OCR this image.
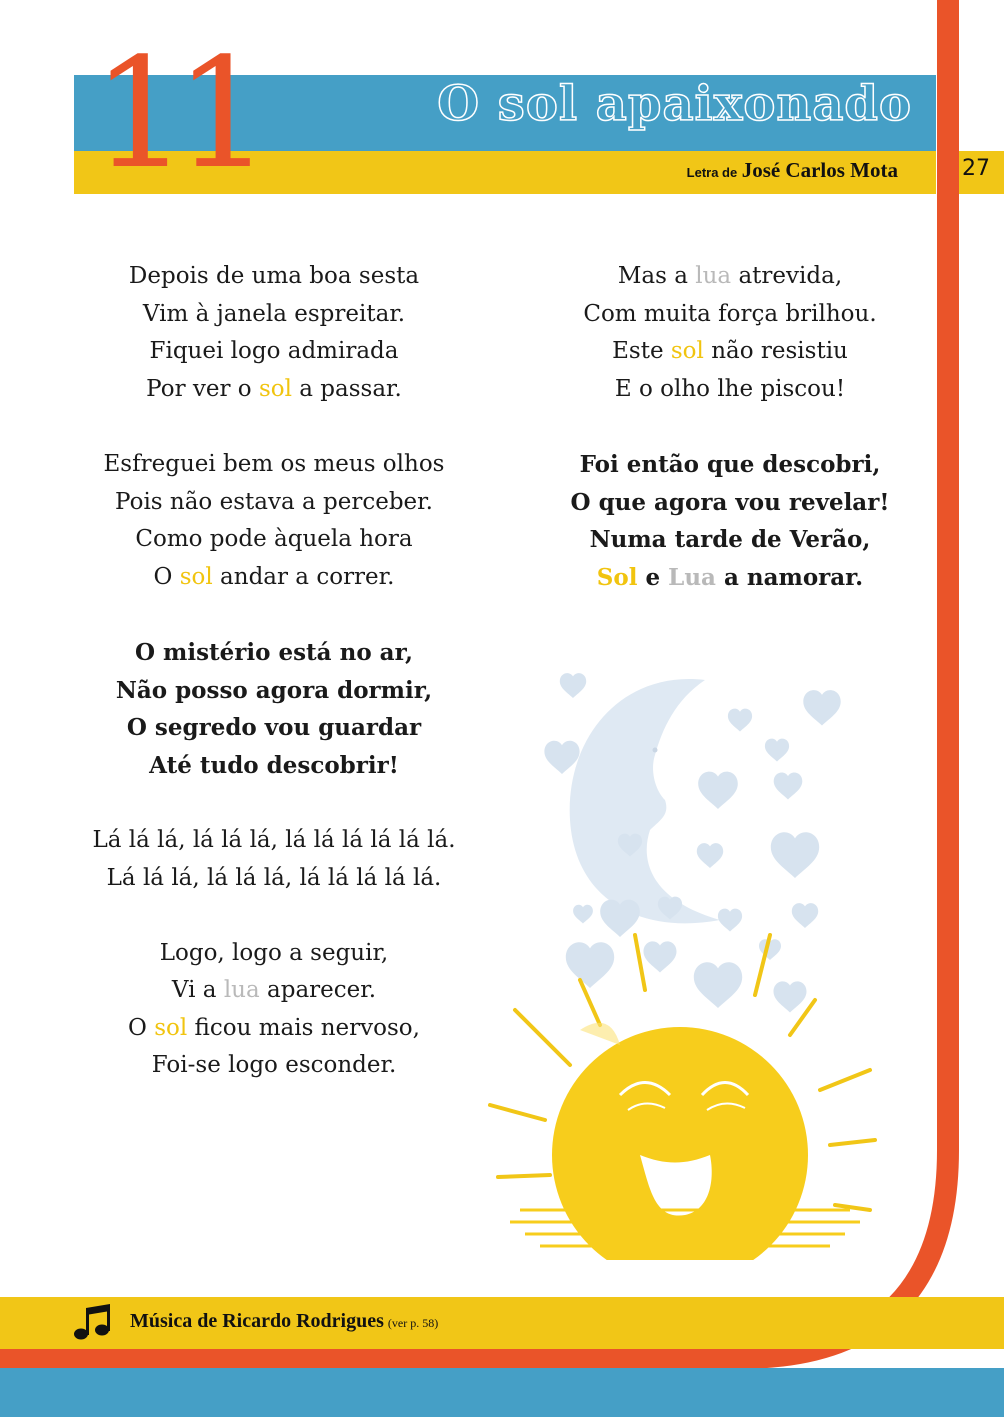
11	O sol apaixonado
Letra de José Carlos Mota	27

Depois de uma boa sesta

Vim à janela espreitar.

Fiquei logo admirada

Por ver o sol a passar.

Esfreguei bem os meus olhos

Pois não estava a perceber.

Como pode àquela hora

O sol andar a correr.

O mistério está no ar,

Não posso agora dormir,

O segredo vou guardar

Até tudo descobrir!

Lá lá lá, lá lá lá, lá lá lá lá lá lá.

Lá lá lá, lá lá lá, lá lá lá lá lá.

Logo, logo a seguir,

Vi a lua aparecer.

O sol ficou mais nervoso,

Foi-se logo esconder.

Mas a lua atrevida,

Com muita força brilhou.

Este sol não resistiu

E o olho lhe piscou!

Foi então que descobri,

O que agora vou revelar!

Numa tarde de Verão,

Sol e Lua a namorar.

Música de Ricardo Rodrigues (ver p. 58)
